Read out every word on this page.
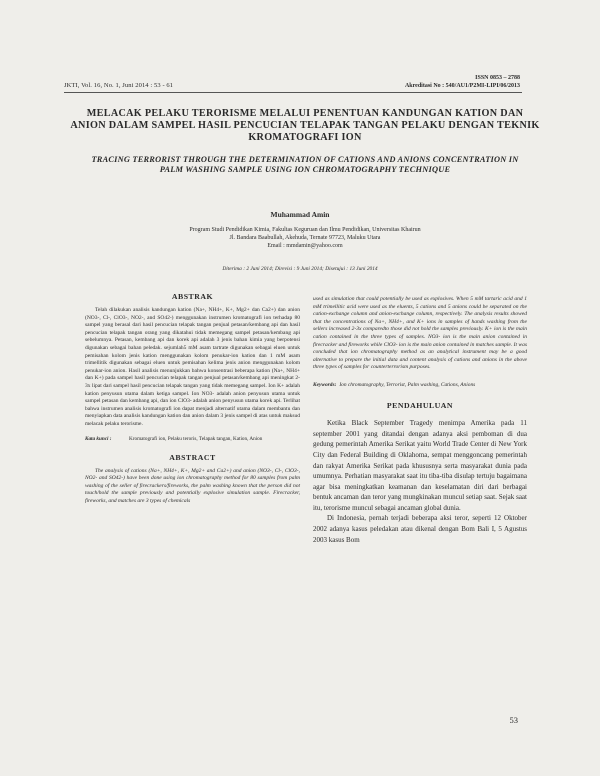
JKTI, Vol. 16, No. 1, Juni 2014 : 53 - 61
ISSN 0853 – 2788
Akreditasi No : 540/AU1/P2MI-LIPI/06/2013
MELACAK PELAKU TERORISME MELALUI PENENTUAN KANDUNGAN KATION DAN ANION DALAM SAMPEL HASIL PENCUCIAN TELAPAK TANGAN PELAKU DENGAN TEKNIK KROMATOGRAFI ION
TRACING TERRORIST THROUGH THE DETERMINATION OF CATIONS AND ANIONS CONCENTRATION IN PALM WASHING SAMPLE USING ION CHROMATOGRAPHY TECHNIQUE
Muhammad Amin
Program Studi Pendidikan Kimia, Fakultas Keguruan dan Ilmu Pendidikan, Universitas Khairun
Jl. Bandara Baabullah, Akehuda, Ternate 97723, Maluku Utara
Email : mmdamin@yahoo.com
Diterima : 2 Juni 2014; Direvisi : 9 Juni 2014; Disetujui : 13 Juni 2014
ABSTRAK

Telah dilakukan analisis kandungan kation (Na+, NH4+, K+, Mg2+ dan Ca2+) dan anion (NO3-, Cl-, ClO3-, NO2-, and SO42-) menggunakan instrumen kromatografi ion terhadap 80 sampel yang berasal dari hasil pencucian telapak tangan penjual petasan/kembang api dan hasil pencucian telapak tangan orang yang dikatahui tidak memegang sampel petasan/kembang api sebelumnya. Petasan, kembang api dan korek api adalah 3 jenis bahan kimia yang berpotensi digunakan sebagai bahan peledak. sejumlah5 mM asam tartrate digunakan sebagai eluen untuk pemisahan kolom jenis kation menggunakan kolom penukar-ion kation dan 1 mM asam trimellitik digunakan sebagai eluen untuk pemisahan kelima jenis anion menggunakan kolom penukar-ion anion. Hasil analisis menunjukkan bahwa konsentrasi beberapa kation (Na+, NH4+ dan K+) pada sampel hasil pencucian telapak tangan penjual petasan/kembang api meningkat 2-3x lipat dari sampel hasil pencucian telapak tangan yang tidak memegang sampel. Ion K+ adalah kation penyusun utama dalam ketiga sampel. Ion NO3- adalah anion penyusun utama untuk sampel petasan dan kembang api, dan ion ClO3- adalah anion penyusun utama korek api. Terlihat bahwa instrumen analisis kromatografi ion dapat menjadi alternatif utama dalam membantu dan menyiapkan data analisis kandungan kation dan anion dalam 3 jenis sampel di atas untuk maksud melacak pelaku terorisme.

Kata kunci :	Kromatografi ion, Pelaku teroris, Telapak tangan, Kation, Anion
ABSTRACT

The analysis of cations (Na+, NH4+, K+, Mg2+ and Ca2+) and anion (NO3-, Cl-, ClO3-, NO2- and SO42-) have been done using ion chromatography method for 80 samples from palm washing of the seller of firecrackers/fireworks, the palm washing known that the person did not touch/hold the sample previously and potentially explosive simulation sample. Firecracker, fireworks, and matches are 3 types of chemicals

used as simulation that could potentially be used as explosives. When 5 mM tartaric acid and 1 mM trimellitic acid were used as the eluents, 5 cations and 5 anions could be separated on the cation-exchange column and anion-exchange column, respectively. The analysis results showed that the concentrations of Na+, NH4+, and K+ ions in samples of hands washing from the sellers increased 2-3x comparedto those did not hold the samples previously. K+ ion is the main cation contained in the three types of samples. NO3- ion is the main anion contained in firecracker and fireworks while ClO3- ion is the main anion contained in matches sample. It was concluded that ion chromatography method as an analytical instrument may be a good alternative to prepare the initial data and content analysis of cations and anions in the above three types of samples for counterterrorism purposes.

Keywords: Ion chromatography, Terrorist, Palm washing, Cations, Anions
PENDAHULUAN

Ketika Black September Tragedy menimpa Amerika pada 11 september 2001 yang ditandai dengan adanya aksi pemboman di dua gedung pemerintah Amerika Serikat yaitu World Trade Center di New York City dan Federal Building di Oklahoma, sempat menggoncang pemerintah dan rakyat Amerika Serikat pada khususnya serta masyarakat dunia pada umumnya. Perhatian masyarakat saat itu tiba-tiba disulap tertuju bagaimana agar bisa meningkatkan keamanan dan keselamatan diri dari berbagai bentuk ancaman dan teror yang mungkinakan muncul setiap saat. Sejak saat itu, terorisme muncul sebagai ancaman global dunia.

Di Indonesia, pernah terjadi beberapa aksi teror, seperti 12 Oktober 2002 adanya kasus peledakan atau dikenal dengan Bom Bali I, 5 Agustus 2003 kasus Bom

53
